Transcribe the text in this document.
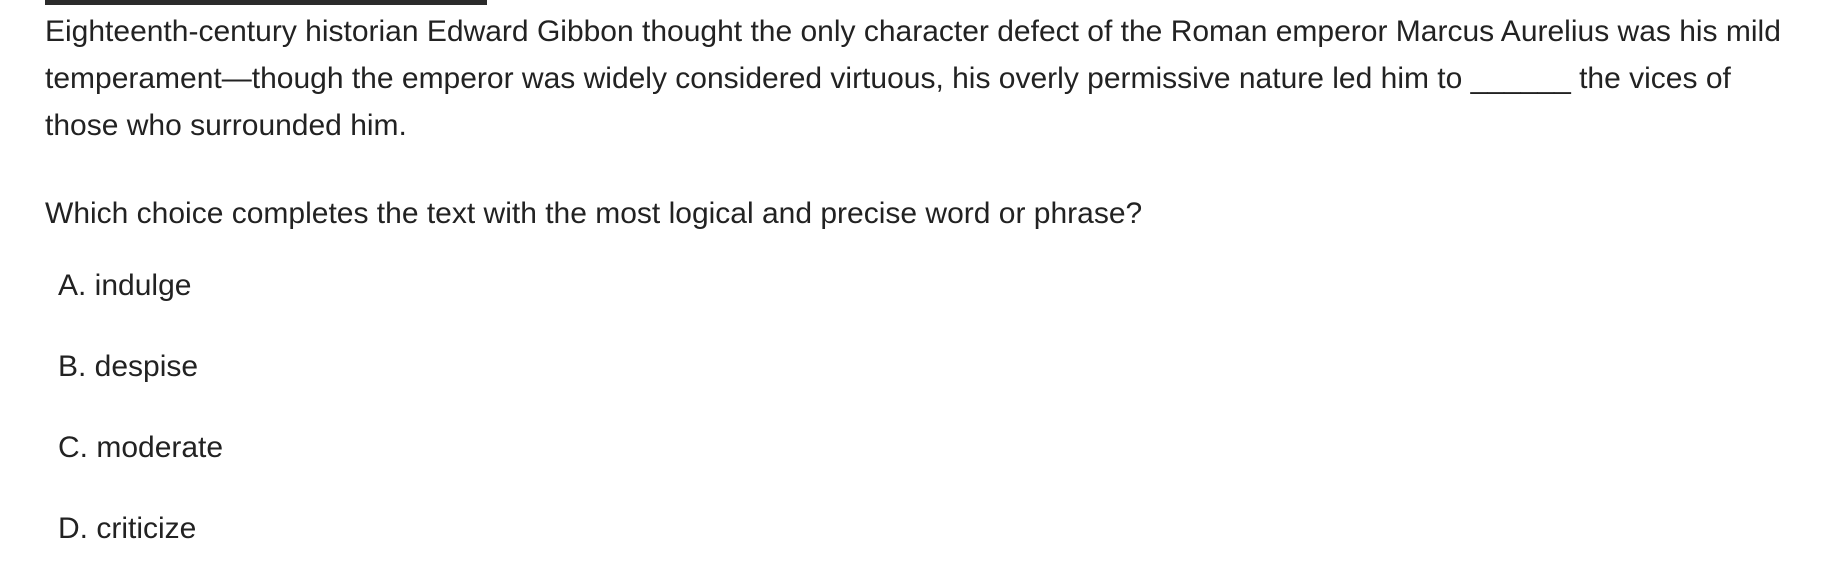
Eighteenth-century historian Edward Gibbon thought the only character defect of the Roman emperor Marcus Aurelius was his mild temperament—though the emperor was widely considered virtuous, his overly permissive nature led him to ______ the vices of those who surrounded him.

Which choice completes the text with the most logical and precise word or phrase?

A. indulge
B. despise
C. moderate
D. criticize
